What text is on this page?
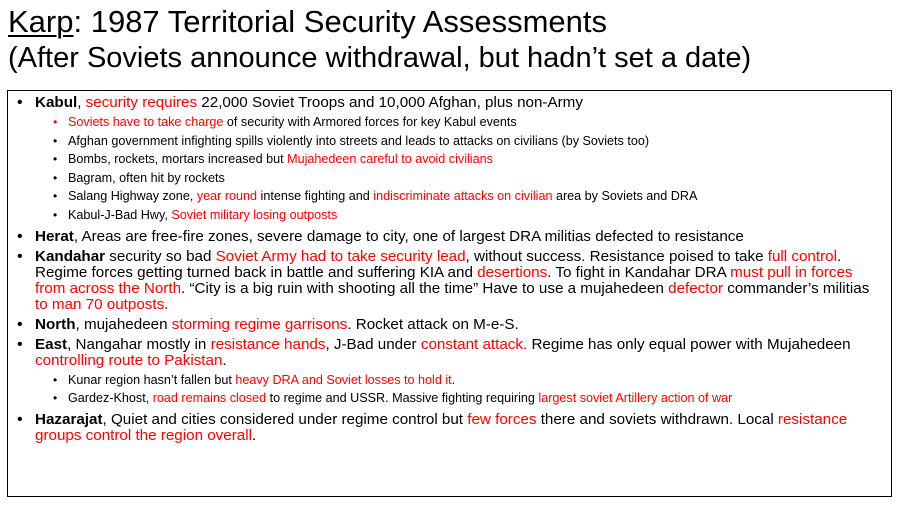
Karp: 1987 Territorial Security Assessments
(After Soviets announce withdrawal, but hadn’t set a date)
• Kabul, security requires 22,000 Soviet Troops and 10,000 Afghan, plus non-Army
• Soviets have to take charge of security with Armored forces for key Kabul events
• Afghan government infighting spills violently into streets and leads to attacks on civilians (by Soviets too)
• Bombs, rockets, mortars increased but Mujahedeen careful to avoid civilians
• Bagram, often hit by rockets
• Salang Highway zone, year round intense fighting and indiscriminate attacks on civilian area by Soviets and DRA
• Kabul-J-Bad Hwy, Soviet military losing outposts
• Herat, Areas are free-fire zones, severe damage to city, one of largest DRA militias defected to resistance
• Kandahar security so bad Soviet Army had to take security lead, without success. Resistance poised to take full control. Regime forces getting turned back in battle and suffering KIA and desertions. To fight in Kandahar DRA must pull in forces from across the North. “City is a big ruin with shooting all the time” Have to use a mujahedeen defector commander’s militias to man 70 outposts.
• North, mujahedeen storming regime garrisons. Rocket attack on M-e-S.
• East, Nangahar mostly in resistance hands, J-Bad under constant attack. Regime has only equal power with Mujahedeen controlling route to Pakistan.
• Kunar region hasn’t fallen but heavy DRA and Soviet losses to hold it.
• Gardez-Khost, road remains closed to regime and USSR. Massive fighting requiring largest soviet Artillery action of war
• Hazarajat, Quiet and cities considered under regime control but few forces there and soviets withdrawn. Local resistance groups control the region overall.
